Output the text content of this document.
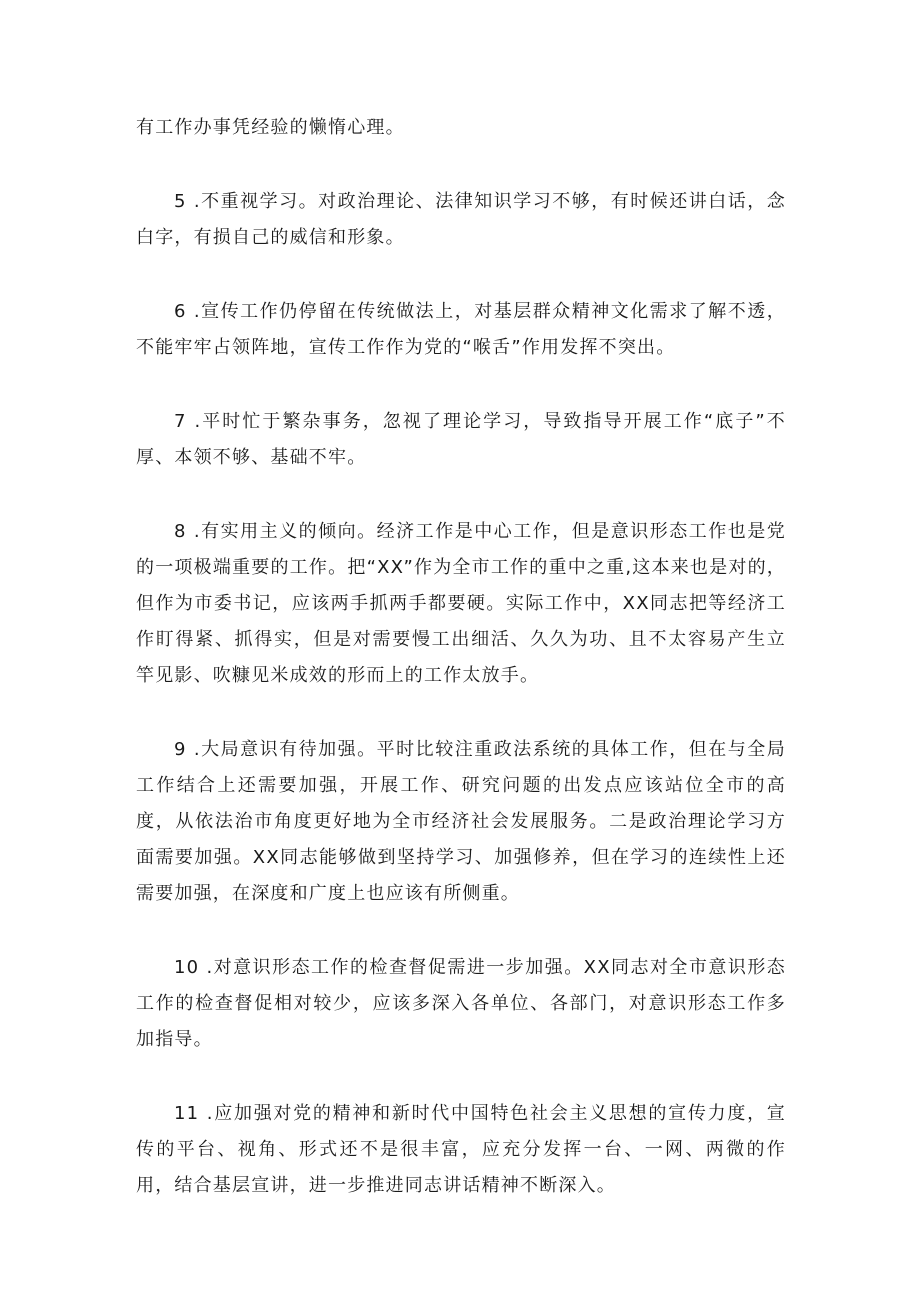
有工作办事凭经验的懒惰心理。

5 .不重视学习。对政治理论、法律知识学习不够，有时候还讲白话，念白字，有损自己的威信和形象。

6 .宣传工作仍停留在传统做法上，对基层群众精神文化需求了解不透，不能牢牢占领阵地，宣传工作作为党的“喉舌”作用发挥不突出。

7 .平时忙于繁杂事务，忽视了理论学习，导致指导开展工作“底子”不厚、本领不够、基础不牢。

8 .有实用主义的倾向。经济工作是中心工作，但是意识形态工作也是党的一项极端重要的工作。把“XX”作为全市工作的重中之重,这本来也是对的，但作为市委书记，应该两手抓两手都要硬。实际工作中，XX同志把等经济工作盯得紧、抓得实，但是对需要慢工出细活、久久为功、且不太容易产生立竿见影、吹糠见米成效的形而上的工作太放手。

9 .大局意识有待加强。平时比较注重政法系统的具体工作，但在与全局工作结合上还需要加强，开展工作、研究问题的出发点应该站位全市的高度，从依法治市角度更好地为全市经济社会发展服务。二是政治理论学习方面需要加强。XX同志能够做到坚持学习、加强修养，但在学习的连续性上还需要加强，在深度和广度上也应该有所侧重。

10 .对意识形态工作的检查督促需进一步加强。XX同志对全市意识形态工作的检查督促相对较少，应该多深入各单位、各部门，对意识形态工作多加指导。

11 .应加强对党的精神和新时代中国特色社会主义思想的宣传力度，宣传的平台、视角、形式还不是很丰富，应充分发挥一台、一网、两微的作用，结合基层宣讲，进一步推进同志讲话精神不断深入。
